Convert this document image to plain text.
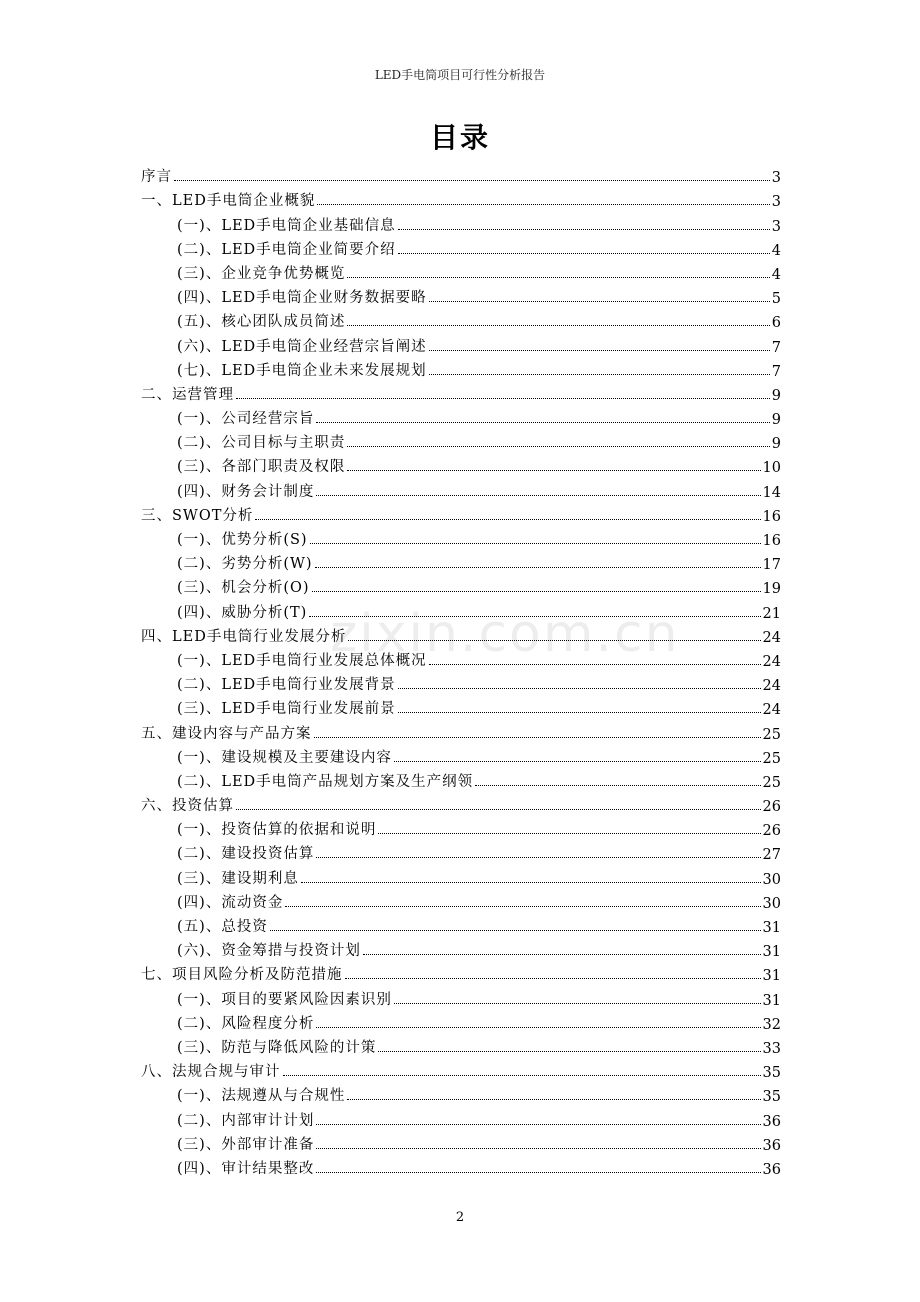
LED手电筒项目可行性分析报告
目录
zixin.com.cn
序言	3
一、LED手电筒企业概貌	3
(一)、LED手电筒企业基础信息	3
(二)、LED手电筒企业简要介绍	4
(三)、企业竞争优势概览	4
(四)、LED手电筒企业财务数据要略	5
(五)、核心团队成员简述	6
(六)、LED手电筒企业经营宗旨阐述	7
(七)、LED手电筒企业未来发展规划	7
二、运营管理	9
(一)、公司经营宗旨	9
(二)、公司目标与主职责	9
(三)、各部门职责及权限	10
(四)、财务会计制度	14
三、SWOT分析	16
(一)、优势分析(S)	16
(二)、劣势分析(W)	17
(三)、机会分析(O)	19
(四)、威胁分析(T)	21
四、LED手电筒行业发展分析	24
(一)、LED手电筒行业发展总体概况	24
(二)、LED手电筒行业发展背景	24
(三)、LED手电筒行业发展前景	24
五、建设内容与产品方案	25
(一)、建设规模及主要建设内容	25
(二)、LED手电筒产品规划方案及生产纲领	25
六、投资估算	26
(一)、投资估算的依据和说明	26
(二)、建设投资估算	27
(三)、建设期利息	30
(四)、流动资金	30
(五)、总投资	31
(六)、资金筹措与投资计划	31
七、项目风险分析及防范措施	31
(一)、项目的要紧风险因素识别	31
(二)、风险程度分析	32
(三)、防范与降低风险的计策	33
八、法规合规与审计	35
(一)、法规遵从与合规性	35
(二)、内部审计计划	36
(三)、外部审计准备	36
(四)、审计结果整改	36
2
